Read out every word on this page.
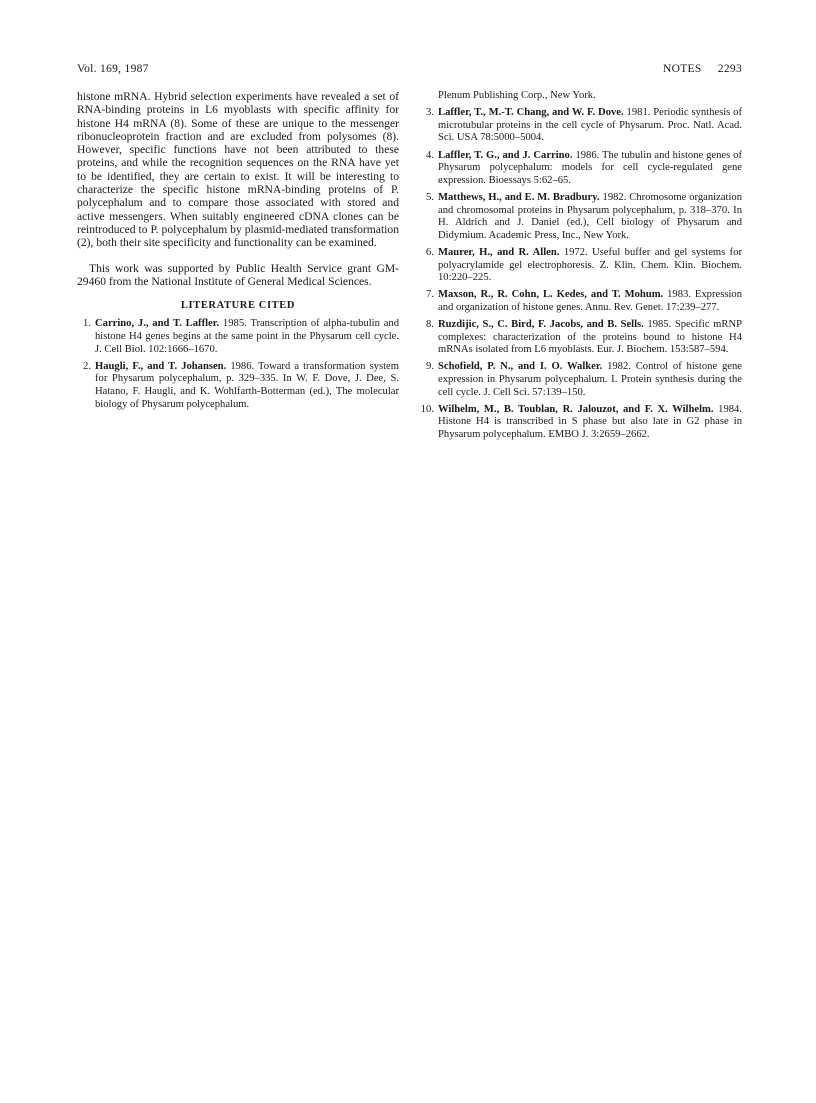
Vol. 169, 1987	NOTES 2293

histone mRNA. Hybrid selection experiments have revealed a set of RNA-binding proteins in L6 myoblasts with specific affinity for histone H4 mRNA (8). Some of these are unique to the messenger ribonucleoprotein fraction and are excluded from polysomes (8). However, specific functions have not been attributed to these proteins, and while the recognition sequences on the RNA have yet to be identified, they are certain to exist. It will be interesting to characterize the specific histone mRNA-binding proteins of P. polycephalum and to compare those associated with stored and active messengers. When suitably engineered cDNA clones can be reintroduced to P. polycephalum by plasmid-mediated transformation (2), both their site specificity and functionality can be examined.

This work was supported by Public Health Service grant GM-29460 from the National Institute of General Medical Sciences.

LITERATURE CITED
1. Carrino, J., and T. Laffler. 1985. Transcription of alpha-tubulin and histone H4 genes begins at the same point in the Physarum cell cycle. J. Cell Biol. 102:1666–1670.
2. Haugli, F., and T. Johansen. 1986. Toward a transformation system for Physarum polycephalum, p. 329–335. In W. F. Dove, J. Dee, S. Hatano, F. Haugli, and K. Wohlfarth-Botterman (ed.), The molecular biology of Physarum polycephalum.
Plenum Publishing Corp., New York.
3. Laffler, T., M.-T. Chang, and W. F. Dove. 1981. Periodic synthesis of microtubular proteins in the cell cycle of Physarum. Proc. Natl. Acad. Sci. USA 78:5000–5004.
4. Laffler, T. G., and J. Carrino. 1986. The tubulin and histone genes of Physarum polycephalum: models for cell cycle-regulated gene expression. Bioessays 5:62–65.
5. Matthews, H., and E. M. Bradbury. 1982. Chromosome organization and chromosomal proteins in Physarum polycephalum, p. 318–370. In H. Aldrich and J. Daniel (ed.), Cell biology of Physarum and Didymium. Academic Press, Inc., New York.
6. Maurer, H., and R. Allen. 1972. Useful buffer and gel systems for polyacrylamide gel electrophoresis. Z. Klin. Chem. Klin. Biochem. 10:220–225.
7. Maxson, R., R. Cohn, L. Kedes, and T. Mohum. 1983. Expression and organization of histone genes. Annu. Rev. Genet. 17:239–277.
8. Ruzdijic, S., C. Bird, F. Jacobs, and B. Sells. 1985. Specific mRNP complexes: characterization of the proteins bound to histone H4 mRNAs isolated from L6 myoblasts. Eur. J. Biochem. 153:587–594.
9. Schofield, P. N., and I. O. Walker. 1982. Control of histone gene expression in Physarum polycephalum. I. Protein synthesis during the cell cycle. J. Cell Sci. 57:139–150.
10. Wilhelm, M., B. Toublan, R. Jalouzot, and F. X. Wilhelm. 1984. Histone H4 is transcribed in S phase but also late in G2 phase in Physarum polycephalum. EMBO J. 3:2659–2662.
